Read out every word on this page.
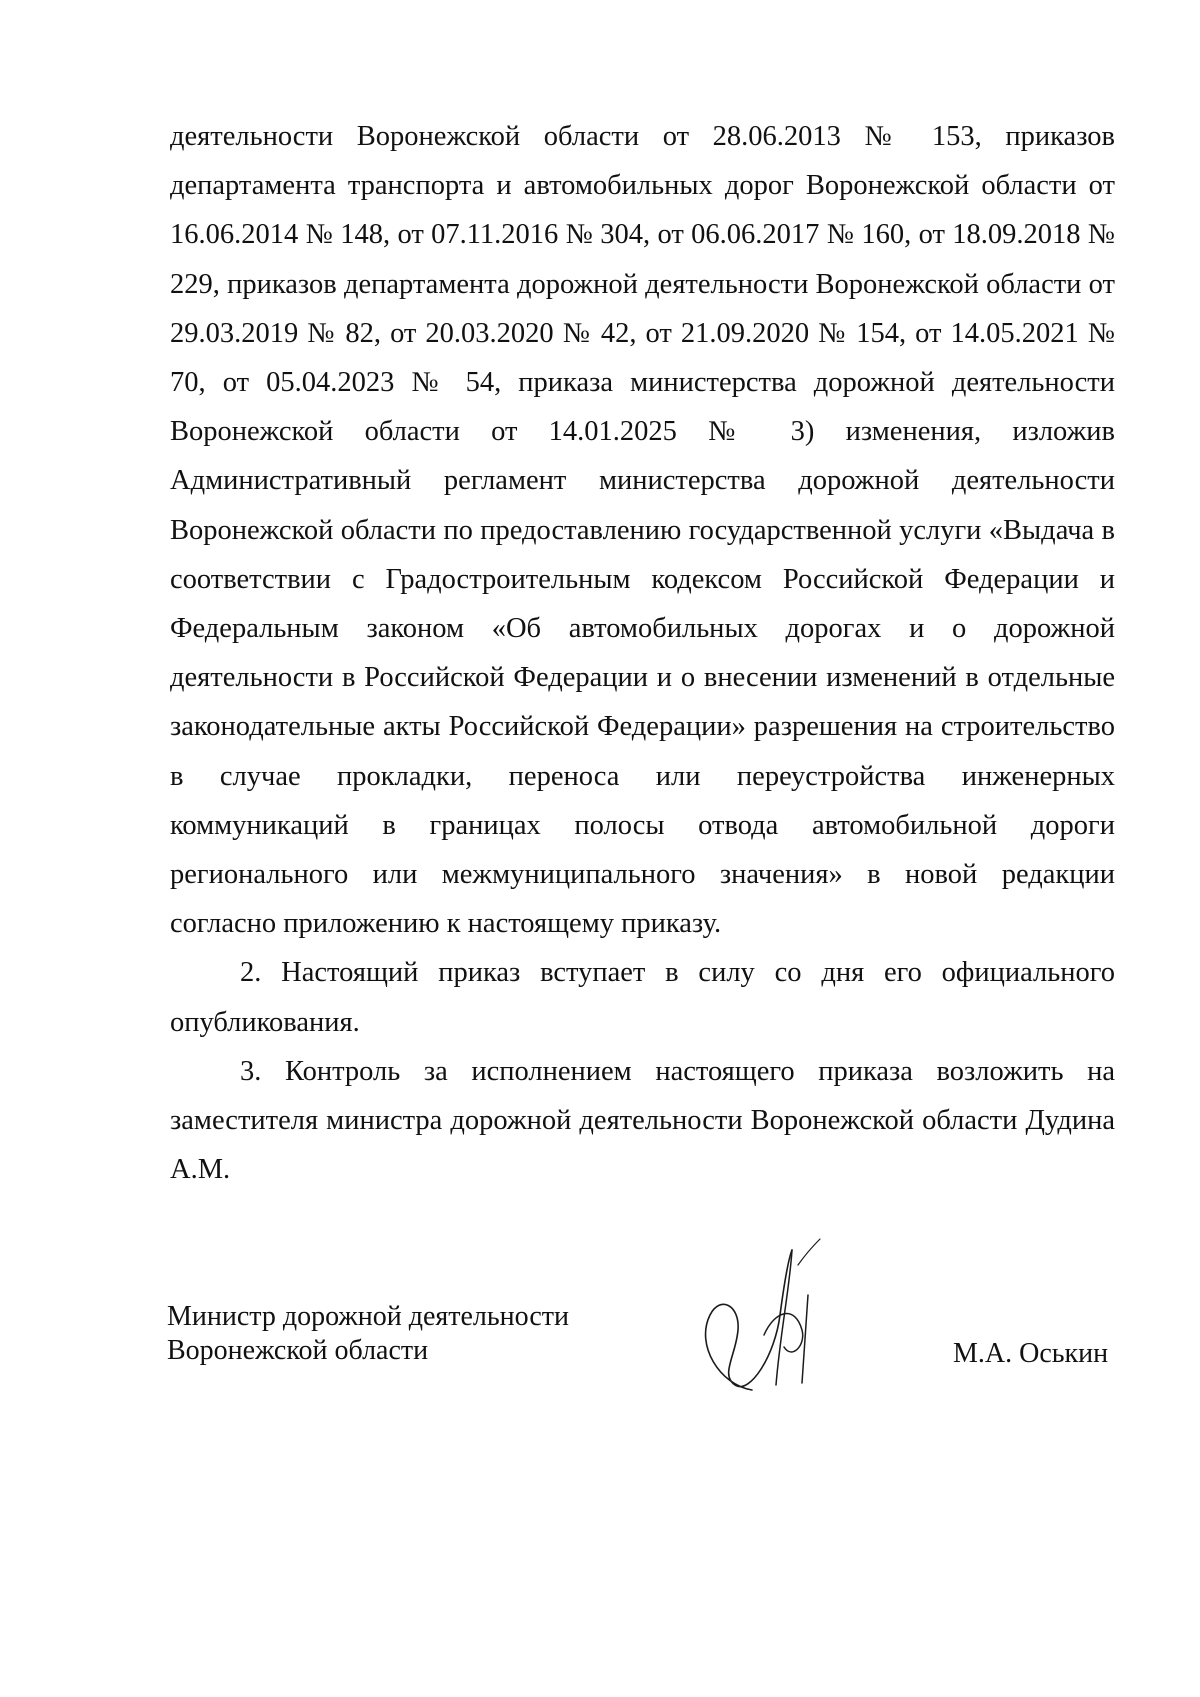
деятельности Воронежской области от 28.06.2013 № 153, приказов департамента транспорта и автомобильных дорог Воронежской области от 16.06.2014 № 148, от 07.11.2016 № 304, от 06.06.2017 № 160, от 18.09.2018 № 229, приказов департамента дорожной деятельности Воронежской области от 29.03.2019 № 82, от 20.03.2020 № 42, от 21.09.2020 № 154, от 14.05.2021 № 70, от 05.04.2023 № 54, приказа министерства дорожной деятельности Воронежской области от 14.01.2025 № 3) изменения, изложив Административный регламент министерства дорожной деятельности Воронежской области по предоставлению государственной услуги «Выдача в соответствии с Градостроительным кодексом Российской Федерации и Федеральным законом «Об автомобильных дорогах и о дорожной деятельности в Российской Федерации и о внесении изменений в отдельные законодательные акты Российской Федерации» разрешения на строительство в случае прокладки, переноса или переустройства инженерных коммуникаций в границах полосы отвода автомобильной дороги регионального или межмуниципального значения» в новой редакции согласно приложению к настоящему приказу.

2. Настоящий приказ вступает в силу со дня его официального опубликования.

3. Контроль за исполнением настоящего приказа возложить на заместителя министра дорожной деятельности Воронежской области Дудина А.М.

Министр дорожной деятельности
Воронежской области	М.А. Оськин
